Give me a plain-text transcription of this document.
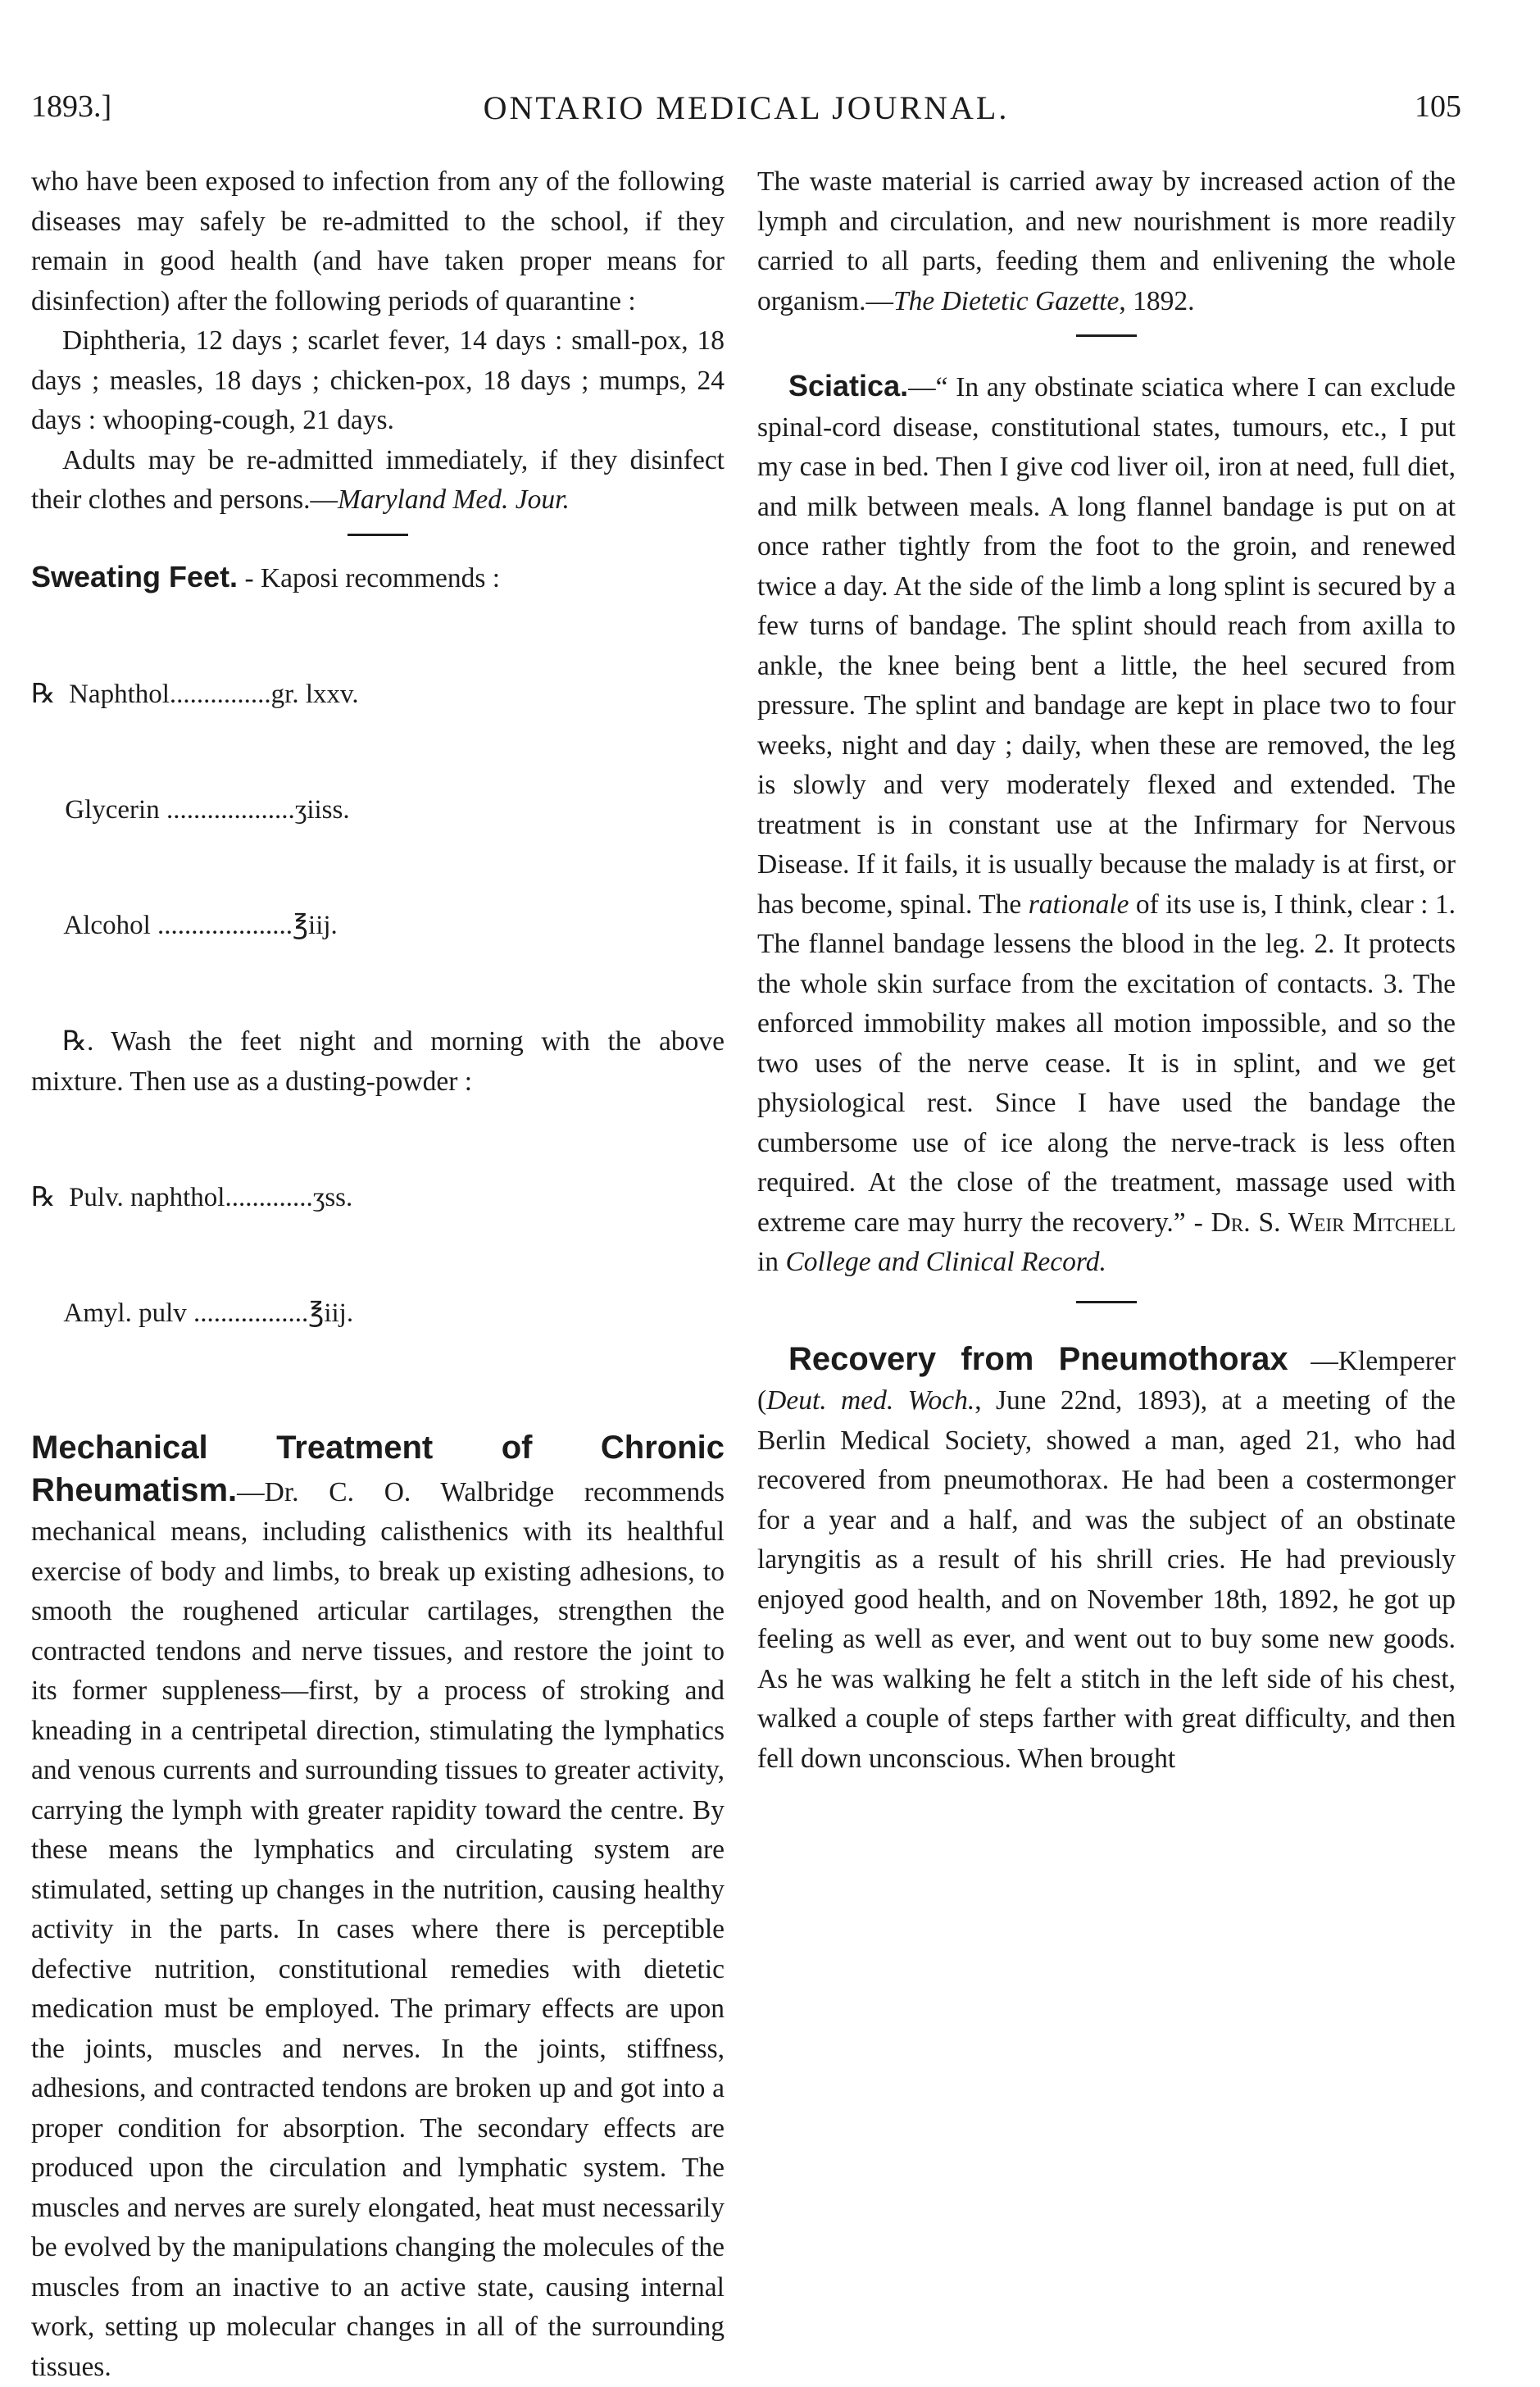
1893.]	ONTARIO MEDICAL JOURNAL.	105

who have been exposed to infection from any of the following diseases may safely be re-admitted to the school, if they remain in good health (and have taken proper means for disinfection) after the following periods of quarantine :

Diphtheria, 12 days ; scarlet fever, 14 days : small-pox, 18 days ; measles, 18 days ; chicken-pox, 18 days ; mumps, 24 days : whooping-cough, 21 days.

Adults may be re-admitted immediately, if they disinfect their clothes and persons.—Maryland Med. Jour.

Sweating Feet. - Kaposi recommends :

℞  Naphthol...............gr. lxxv.

Glycerin ...................ʒiiss.

Alcohol ....................℥iij.

℞. Wash the feet night and morning with the above mixture. Then use as a dusting-powder :

℞  Pulv. naphthol.............ʒss.

Amyl. pulv .................℥iij.

Mechanical Treatment of Chronic Rheumatism.—Dr. C. O. Walbridge recommends mechanical means, including calisthenics with its healthful exercise of body and limbs, to break up existing adhesions, to smooth the roughened articular cartilages, strengthen the contracted tendons and nerve tissues, and restore the joint to its former suppleness—first, by a process of stroking and kneading in a centripetal direction, stimulating the lymphatics and venous currents and surrounding tissues to greater activity, carrying the lymph with greater rapidity toward the centre. By these means the lymphatics and circulating system are stimulated, setting up changes in the nutrition, causing healthy activity in the parts. In cases where there is perceptible defective nutrition, constitutional remedies with dietetic medication must be employed. The primary effects are upon the joints, muscles and nerves. In the joints, stiffness, adhesions, and contracted tendons are broken up and got into a proper condition for absorption. The secondary effects are produced upon the circulation and lymphatic system. The muscles and nerves are surely elongated, heat must necessarily be evolved by the manipulations changing the molecules of the muscles from an inactive to an active state, causing internal work, setting up molecular changes in all of the surrounding tissues.

The waste material is carried away by increased action of the lymph and circulation, and new nourishment is more readily carried to all parts, feeding them and enlivening the whole organism.—The Dietetic Gazette, 1892.

Sciatica.—“ In any obstinate sciatica where I can exclude spinal-cord disease, constitutional states, tumours, etc., I put my case in bed. Then I give cod liver oil, iron at need, full diet, and milk between meals. A long flannel bandage is put on at once rather tightly from the foot to the groin, and renewed twice a day. At the side of the limb a long splint is secured by a few turns of bandage. The splint should reach from axilla to ankle, the knee being bent a little, the heel secured from pressure. The splint and bandage are kept in place two to four weeks, night and day ; daily, when these are removed, the leg is slowly and very moderately flexed and extended. The treatment is in constant use at the Infirmary for Nervous Disease. If it fails, it is usually because the malady is at first, or has become, spinal. The rationale of its use is, I think, clear : 1. The flannel bandage lessens the blood in the leg. 2. It protects the whole skin surface from the excitation of contacts. 3. The enforced immobility makes all motion impossible, and so the two uses of the nerve cease. It is in splint, and we get physiological rest. Since I have used the bandage the cumbersome use of ice along the nerve-track is less often required. At the close of the treatment, massage used with extreme care may hurry the recovery.” - Dr. S. Weir Mitchell in College and Clinical Record.

Recovery from Pneumothorax —Klemperer (Deut. med. Woch., June 22nd, 1893), at a meeting of the Berlin Medical Society, showed a man, aged 21, who had recovered from pneumothorax. He had been a costermonger for a year and a half, and was the subject of an obstinate laryngitis as a result of his shrill cries. He had previously enjoyed good health, and on November 18th, 1892, he got up feeling as well as ever, and went out to buy some new goods. As he was walking he felt a stitch in the left side of his chest, walked a couple of steps farther with great difficulty, and then fell down unconscious. When brought
